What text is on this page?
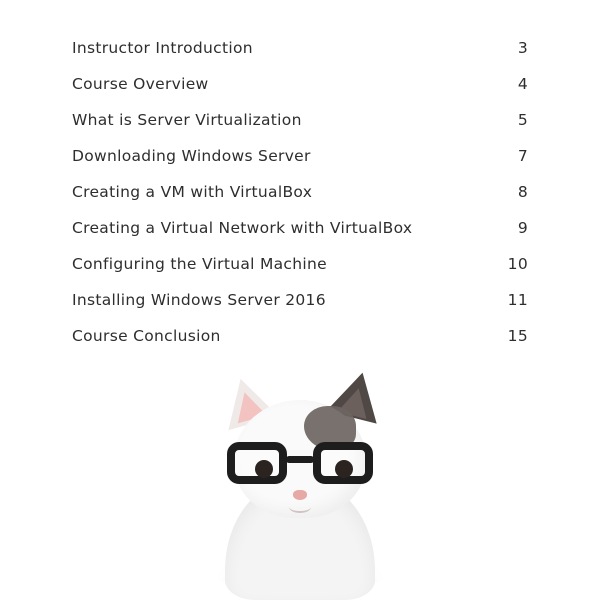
Instructor Introduction	3
Course Overview	4
What is Server Virtualization	5
Downloading Windows Server	7
Creating a VM with VirtualBox	8
Creating a Virtual Network with VirtualBox	9
Configuring the Virtual Machine	10
Installing Windows Server 2016	11
Course Conclusion	15
